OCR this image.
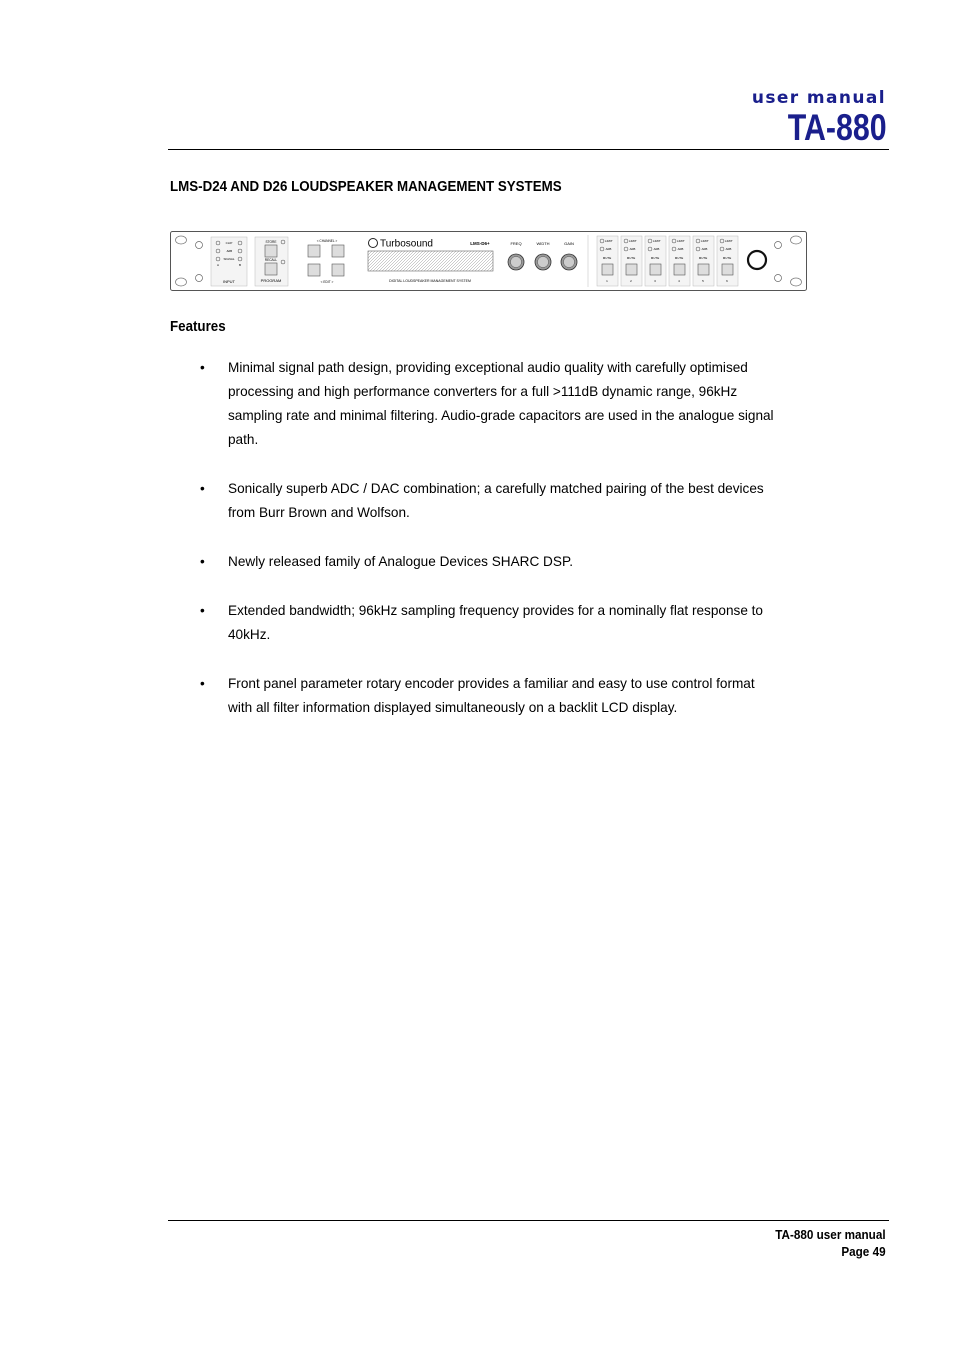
user manual
TA-880
LMS-D24 AND D26 LOUDSPEAKER MANAGEMENT SYSTEMS
CLIP
-6dB
SIGNAL
A	B
INPUT
STORE
RECALL
PROGRAM
< CHANNEL >
< EDIT >
Turbosound	LMS-D6+
DIGITAL LOUDSPEAKER MANAGEMENT SYSTEM
FREQ	WIDTH	GAIN	LIMIT
-6dB
MUTE
1
LIMIT
-6dB
MUTE
2
LIMIT
-6dB
MUTE
3
LIMIT
-6dB
MUTE
4
LIMIT
-6dB
MUTE
5
LIMIT
-6dB
MUTE
6
Features
• Minimal signal path design, providing exceptional audio quality with carefully optimised processing and high performance converters for a full >111dB dynamic range, 96kHz sampling rate and minimal filtering. Audio-grade capacitors are used in the analogue signal path.
• Sonically superb ADC / DAC combination; a carefully matched pairing of the best devices from Burr Brown and Wolfson.
• Newly released family of Analogue Devices SHARC DSP.
• Extended bandwidth; 96kHz sampling frequency provides for a nominally flat response to 40kHz.
• Front panel parameter rotary encoder provides a familiar and easy to use control format with all filter information displayed simultaneously on a backlit LCD display.
TA-880 user manual
Page 49
